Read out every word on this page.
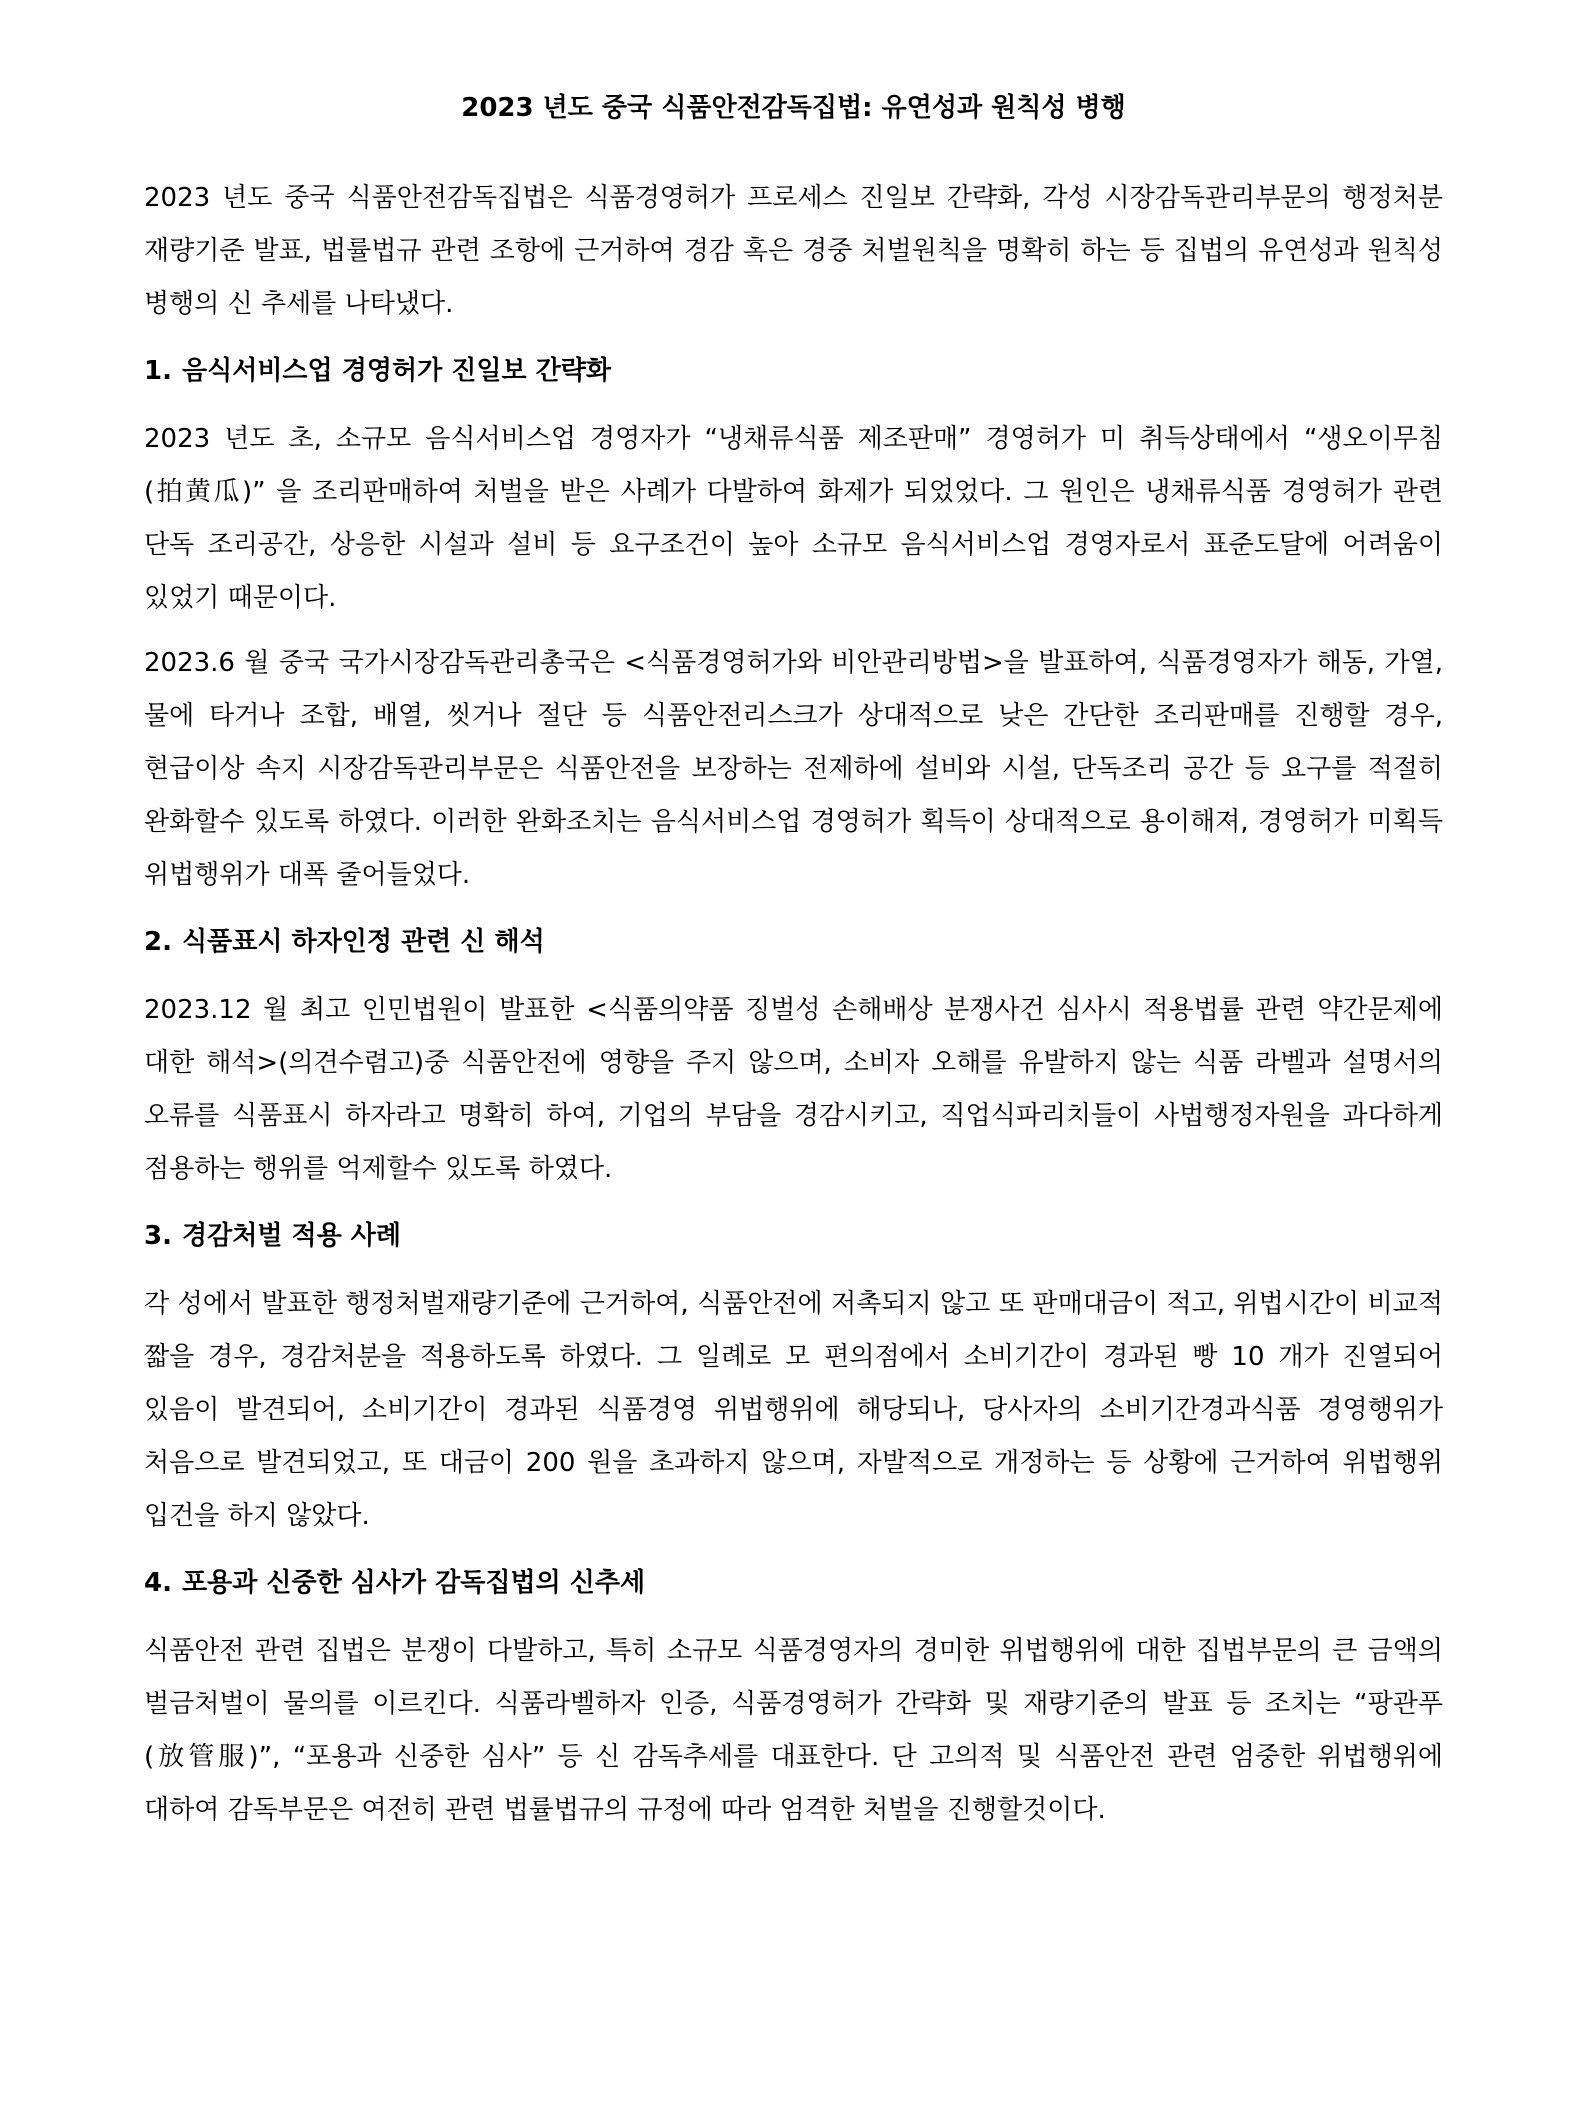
2023 년도 중국 식품안전감독집법: 유연성과 원칙성 병행

2023 년도 중국 식품안전감독집법은 식품경영허가 프로세스 진일보 간략화, 각성 시장감독관리부문의 행정처분 재량기준 발표, 법률법규 관련 조항에 근거하여 경감 혹은 경중 처벌원칙을 명확히 하는 등 집법의 유연성과 원칙성 병행의 신 추세를 나타냈다.

1. 음식서비스업 경영허가 진일보 간략화

2023 년도 초, 소규모 음식서비스업 경영자가 “냉채류식품 제조판매” 경영허가 미 취득상태에서 “생오이무침(拍黄瓜)” 을 조리판매하여 처벌을 받은 사례가 다발하여 화제가 되었었다. 그 원인은 냉채류식품 경영허가 관련 단독 조리공간, 상응한 시설과 설비 등 요구조건이 높아 소규모 음식서비스업 경영자로서 표준도달에 어려움이 있었기 때문이다.

2023.6 월 중국 국가시장감독관리총국은 <식품경영허가와 비안관리방법>을 발표하여, 식품경영자가 해동, 가열, 물에 타거나 조합, 배열, 씻거나 절단 등 식품안전리스크가 상대적으로 낮은 간단한 조리판매를 진행할 경우, 현급이상 속지 시장감독관리부문은 식품안전을 보장하는 전제하에 설비와 시설, 단독조리 공간 등 요구를 적절히 완화할수 있도록 하였다. 이러한 완화조치는 음식서비스업 경영허가 획득이 상대적으로 용이해져, 경영허가 미획득 위법행위가 대폭 줄어들었다.

2. 식품표시 하자인정 관련 신 해석

2023.12 월 최고 인민법원이 발표한 <식품의약품 징벌성 손해배상 분쟁사건 심사시 적용법률 관련 약간문제에 대한 해석>(의견수렴고)중 식품안전에 영향을 주지 않으며, 소비자 오해를 유발하지 않는 식품 라벨과 설명서의 오류를 식품표시 하자라고 명확히 하여, 기업의 부담을 경감시키고, 직업식파리치들이 사법행정자원을 과다하게 점용하는 행위를 억제할수 있도록 하였다.

3. 경감처벌 적용 사례

각 성에서 발표한 행정처벌재량기준에 근거하여, 식품안전에 저촉되지 않고 또 판매대금이 적고, 위법시간이 비교적 짧을 경우, 경감처분을 적용하도록 하였다. 그 일례로 모 편의점에서 소비기간이 경과된 빵 10 개가 진열되어 있음이 발견되어, 소비기간이 경과된 식품경영 위법행위에 해당되나, 당사자의 소비기간경과식품 경영행위가 처음으로 발견되었고, 또 대금이 200 원을 초과하지 않으며, 자발적으로 개정하는 등 상황에 근거하여 위법행위 입건을 하지 않았다.

4. 포용과 신중한 심사가 감독집법의 신추세

식품안전 관련 집법은 분쟁이 다발하고, 특히 소규모 식품경영자의 경미한 위법행위에 대한 집법부문의 큰 금액의 벌금처벌이 물의를 이르킨다. 식품라벨하자 인증, 식품경영허가 간략화 및 재량기준의 발표 등 조치는 “팡관푸(放管服)”, “포용과 신중한 심사” 등 신 감독추세를 대표한다. 단 고의적 및 식품안전 관련 엄중한 위법행위에 대하여 감독부문은 여전히 관련 법률법규의 규정에 따라 엄격한 처벌을 진행할것이다.
